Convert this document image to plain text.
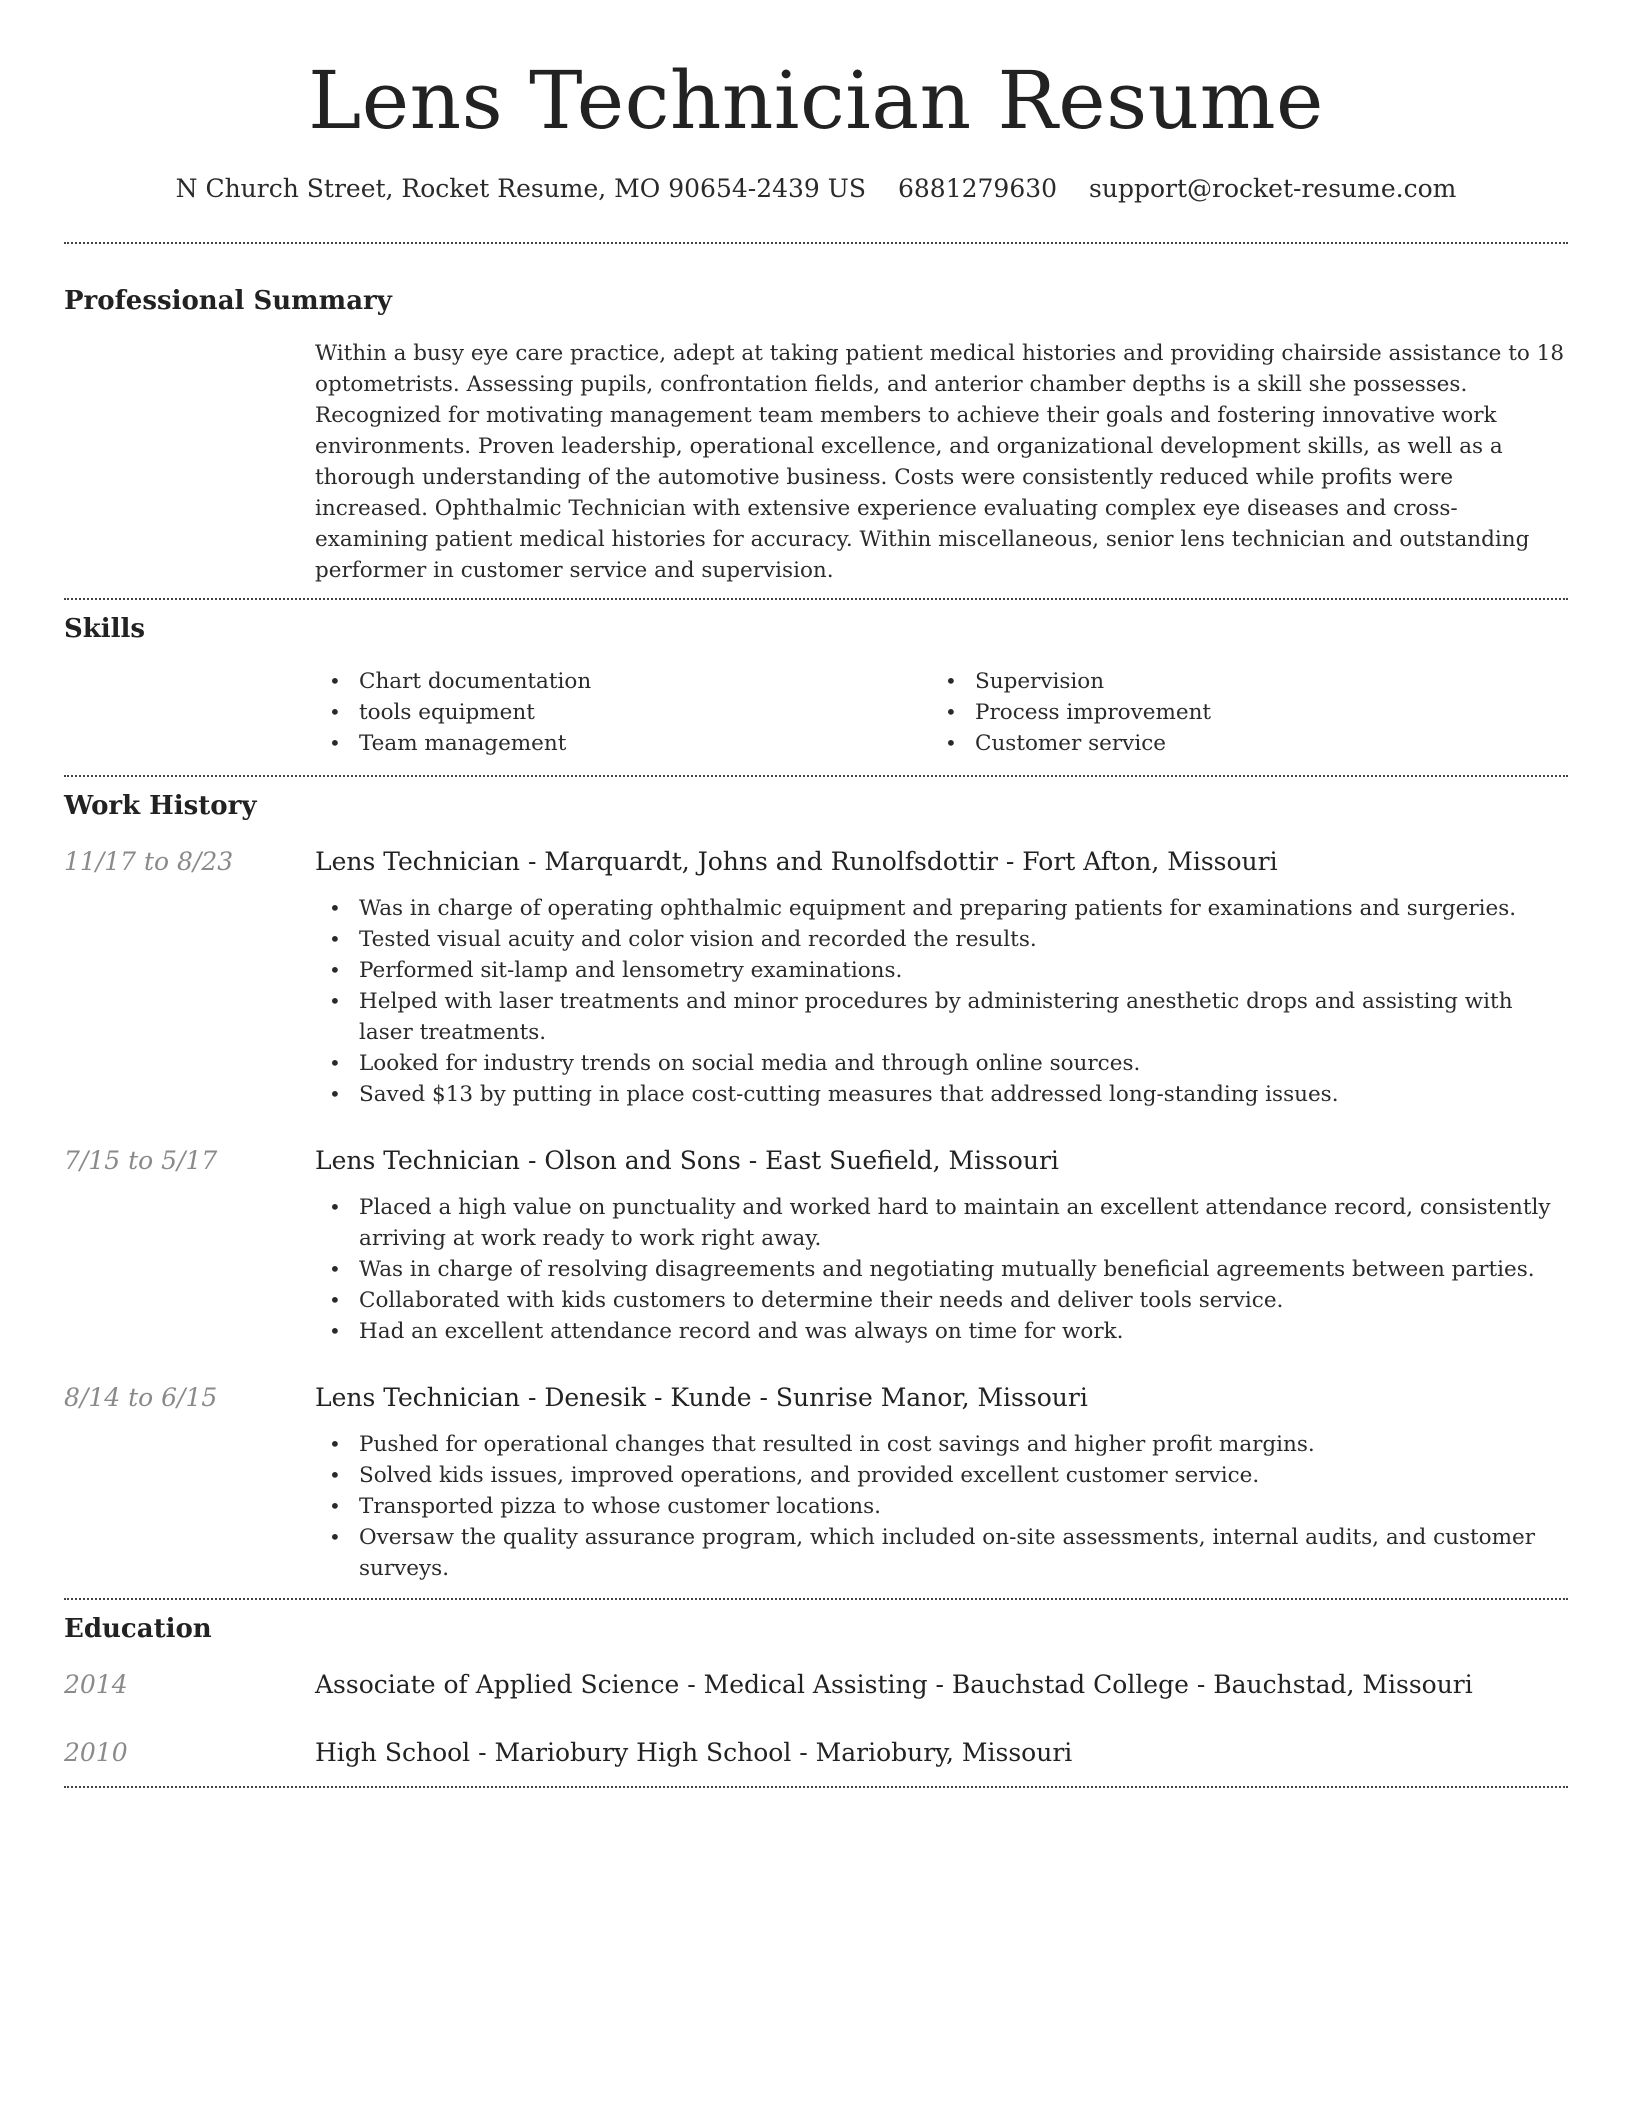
Lens Technician Resume
N Church Street, Rocket Resume, MO 90654-2439 US 6881279630 support@rocket-resume.com
Professional Summary

Within a busy eye care practice, adept at taking patient medical histories and providing chairside assistance to 18 optometrists. Assessing pupils, confrontation fields, and anterior chamber depths is a skill she possesses. Recognized for motivating management team members to achieve their goals and fostering innovative work environments. Proven leadership, operational excellence, and organizational development skills, as well as a thorough understanding of the automotive business. Costs were consistently reduced while profits were increased. Ophthalmic Technician with extensive experience evaluating complex eye diseases and cross-examining patient medical histories for accuracy. Within miscellaneous, senior lens technician and outstanding performer in customer service and supervision.

Skills
• Chart documentation
• tools equipment
• Team management
• Supervision
• Process improvement
• Customer service
Work History
11/17 to 8/23	Lens Technician - Marquardt, Johns and Runolfsdottir - Fort Afton, Missouri
• Was in charge of operating ophthalmic equipment and preparing patients for examinations and surgeries.
• Tested visual acuity and color vision and recorded the results.
• Performed sit-lamp and lensometry examinations.
• Helped with laser treatments and minor procedures by administering anesthetic drops and assisting with laser treatments.
• Looked for industry trends on social media and through online sources.
• Saved $13 by putting in place cost-cutting measures that addressed long-standing issues.
7/15 to 5/17	Lens Technician - Olson and Sons - East Suefield, Missouri
• Placed a high value on punctuality and worked hard to maintain an excellent attendance record, consistently arriving at work ready to work right away.
• Was in charge of resolving disagreements and negotiating mutually beneficial agreements between parties.
• Collaborated with kids customers to determine their needs and deliver tools service.
• Had an excellent attendance record and was always on time for work.
8/14 to 6/15	Lens Technician - Denesik - Kunde - Sunrise Manor, Missouri
• Pushed for operational changes that resulted in cost savings and higher profit margins.
• Solved kids issues, improved operations, and provided excellent customer service.
• Transported pizza to whose customer locations.
• Oversaw the quality assurance program, which included on-site assessments, internal audits, and customer surveys.
Education
2014	Associate of Applied Science - Medical Assisting - Bauchstad College - Bauchstad, Missouri
2010	High School - Mariobury High School - Mariobury, Missouri
